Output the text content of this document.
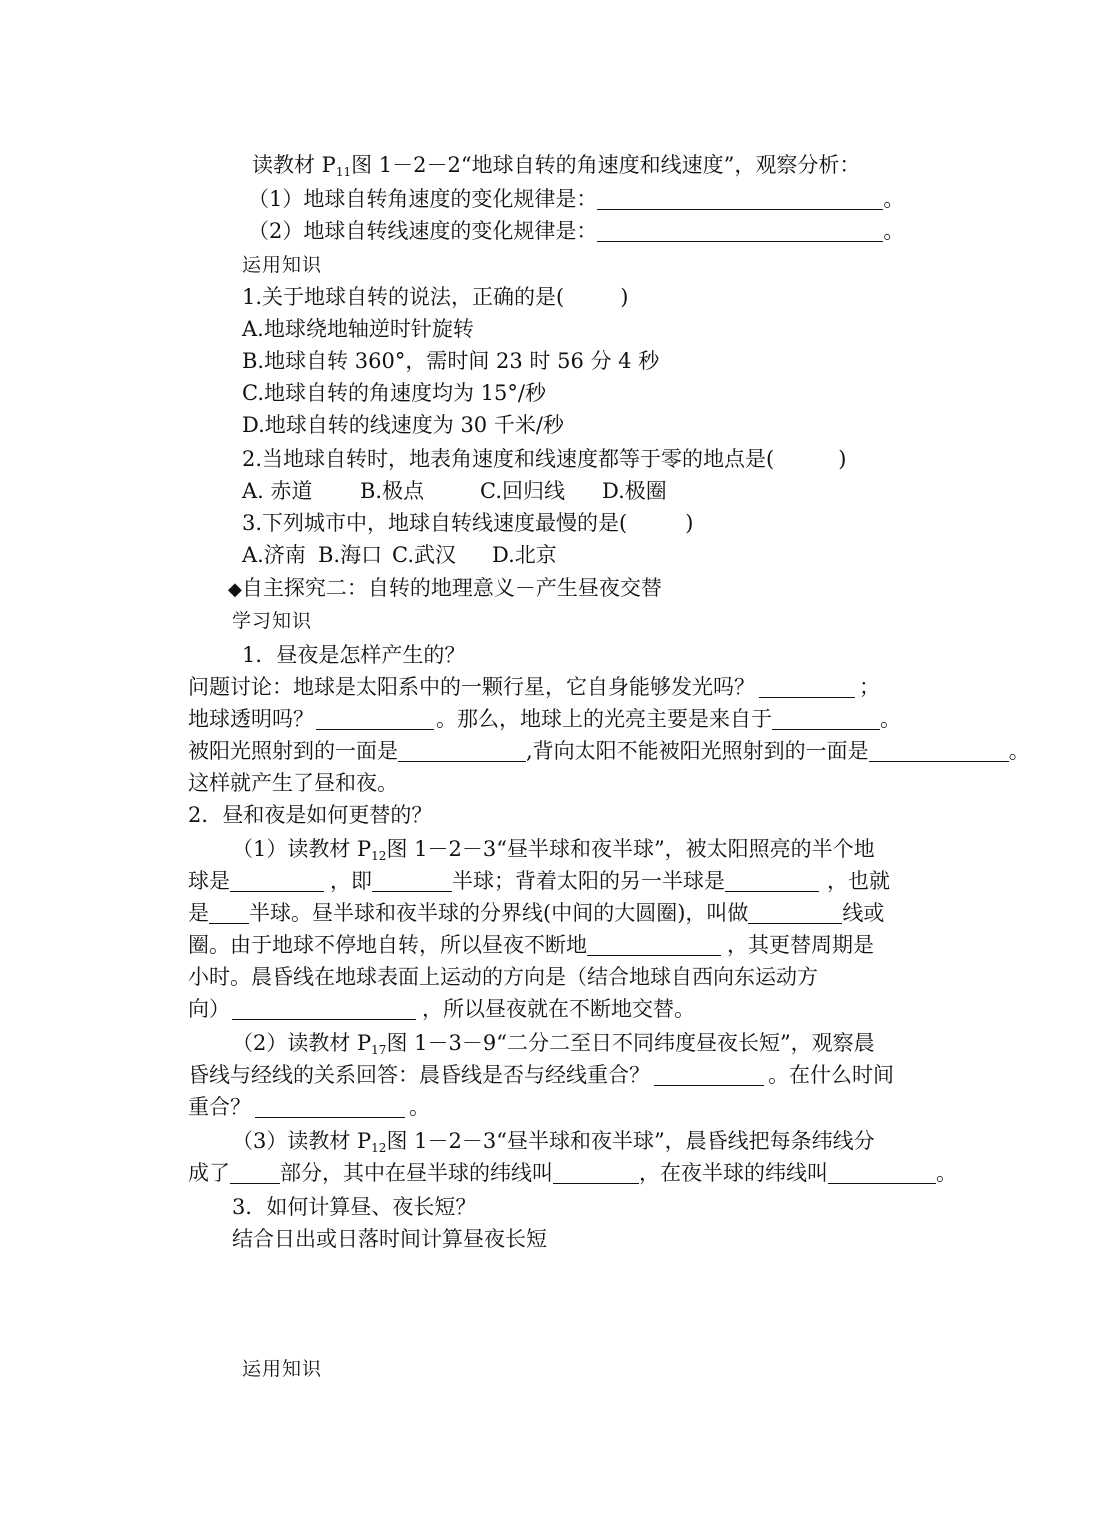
读教材 $P_{11}$图 1－2－2“地球自转的角速度和线速度”，观察分析：
（1）地球自转角速度的变化规律是：	。
（2）地球自转线速度的变化规律是：	。
运用知识
1.关于地球自转的说法，正确的是(	)
A.地球绕地轴逆时针旋转
B.地球自转 360°，需时间 23 时 56 分 4 秒
C.地球自转的角速度均为 15°/秒
D.地球自转的线速度为 30 千米/秒
2.当地球自转时，地表角速度和线速度都等于零的地点是(	)
A. 赤道 B.极点	C.回归线 D.极圈
3.下列城市中，地球自转线速度最慢的是(	)
A.济南 B.海口 C.武汉 D.北京
◆自主探究二：自转的地理意义－产生昼夜交替
学习知识
1．昼夜是怎样产生的？
问题讨论：地球是太阳系中的一颗行星，它自身能够发光吗？	；
地球透明吗？	。那么，地球上的光亮主要是来自于	。
被阳光照射到的一面是	,背向太阳不能被阳光照射到的一面是	。
这样就产生了昼和夜。
2．昼和夜是如何更替的？
（1）读教材 $P_{12}$图 1－2－3“昼半球和夜半球”，被太阳照亮的半个地
球是	，即	半球；背着太阳的另一半球是	，也就
是 半球。昼半球和夜半球的分界线(中间的大圆圈)，叫做	线或
圈。由于地球不停地自转，所以昼夜不断地	，其更替周期是
小时。晨昏线在地球表面上运动的方向是（结合地球自西向东运动方
向）	，所以昼夜就在不断地交替。
（2）读教材 $P_{17}$图 1－3－9“二分二至日不同纬度昼夜长短”，观察晨
昏线与经线的关系回答：晨昏线是否与经线重合？	。在什么时间
重合？	。
（3）读教材 $P_{12}$图 1－2－3“昼半球和夜半球”，晨昏线把每条纬线分
成了 部分，其中在昼半球的纬线叫	，在夜半球的纬线叫	。
3．如何计算昼、夜长短？
结合日出或日落时间计算昼夜长短
运用知识
